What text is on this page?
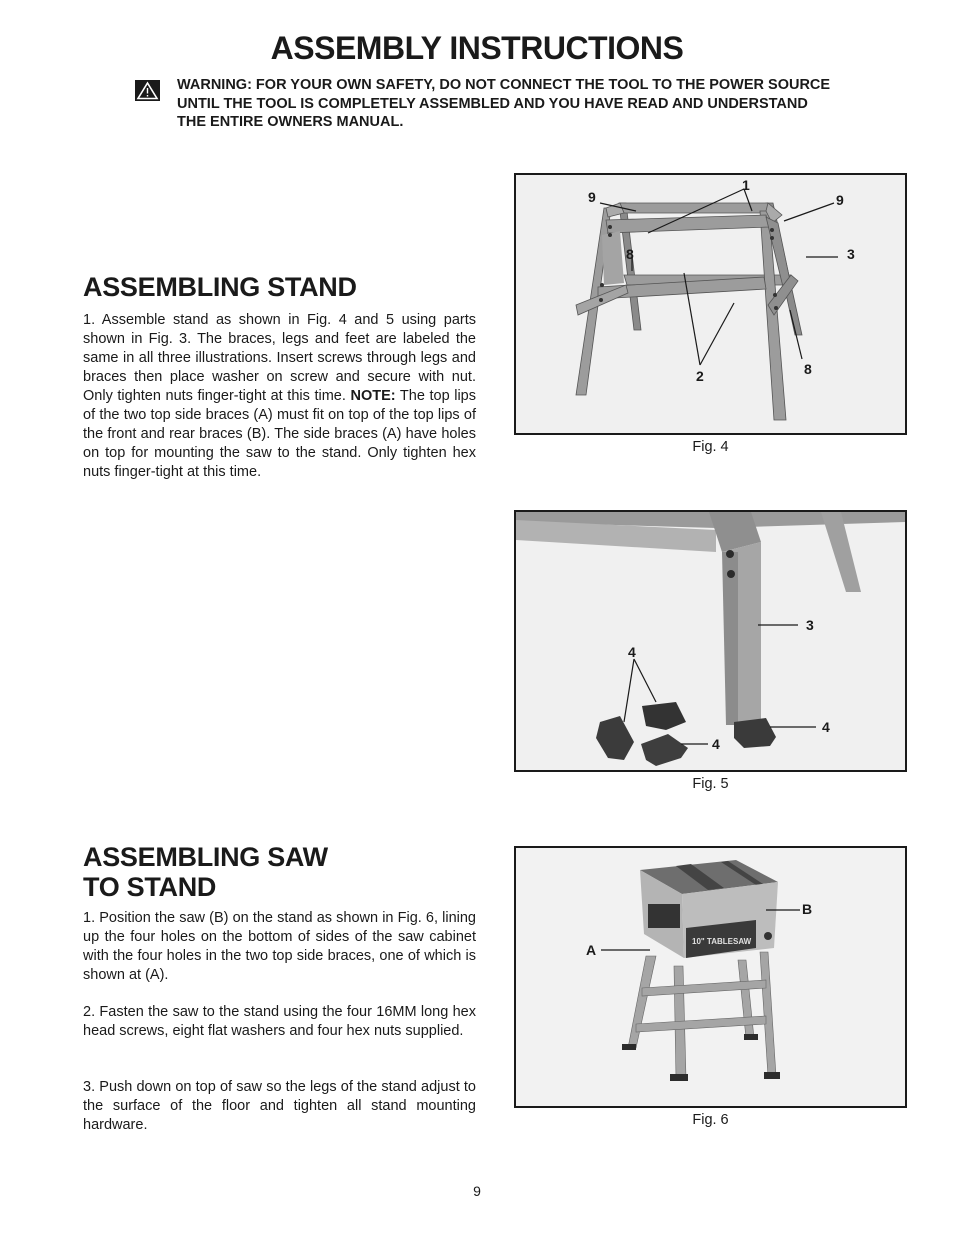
ASSEMBLY INSTRUCTIONS

WARNING: FOR YOUR OWN SAFETY, DO NOT CONNECT THE TOOL TO THE POWER SOURCE UNTIL THE TOOL IS COMPLETELY ASSEMBLED AND YOU HAVE READ AND UNDERSTAND THE ENTIRE OWNERS MANUAL.

ASSEMBLING STAND

1. Assemble stand as shown in Fig. 4 and 5 using parts shown in Fig. 3. The braces, legs and feet are labeled the same in all three illustrations. Insert screws through legs and braces then place washer on screw and secure with nut. Only tighten nuts finger-tight at this time. NOTE: The top lips of the two top side braces (A) must fit on top of the top lips of the front and rear braces (B). The side braces (A) have holes on top for mounting the saw to the stand. Only tighten hex nuts finger-tight at this time.

ASSEMBLING SAW
TO STAND

1. Position the saw (B) on the stand as shown in Fig. 6, lining up the four holes on the bottom of sides of the saw cabinet with the four holes in the two top side braces, one of which is shown at (A).

2. Fasten the saw to the stand using the four 16MM long hex head screws, eight flat washers and four hex nuts supplied.

3. Push down on top of saw so the legs of the stand adjust to the surface of the floor and tighten all stand mounting hardware.

1
9	9
8	3
2	8
Fig. 4
3
4
4
4
Fig. 5
10" TABLESAW
B
A
Fig. 6
9
